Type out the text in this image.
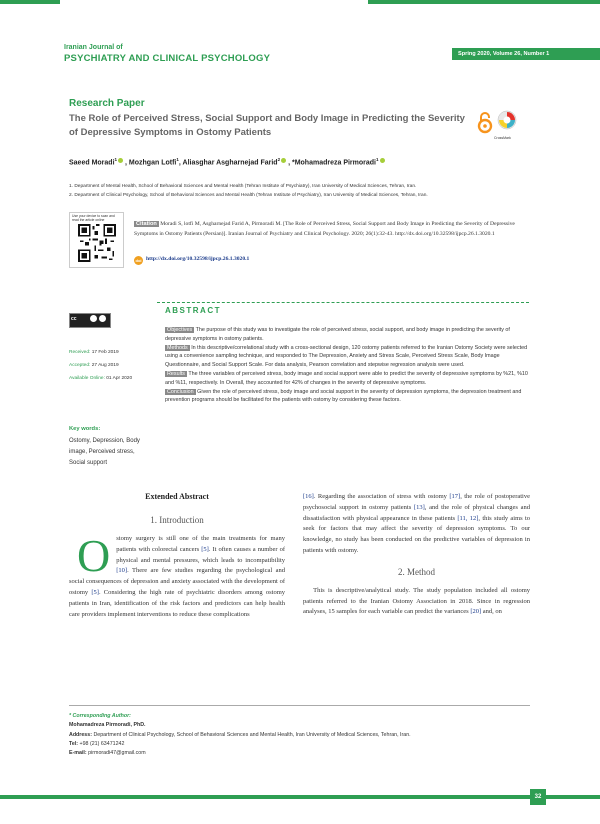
Iranian Journal of
PSYCHIATRY AND CLINICAL PSYCHOLOGY	Spring 2020, Volume 26, Number 1
Research Paper
The Role of Perceived Stress, Social Support and Body Image in Predicting the Severity of Depressive Symptoms in Ostomy Patients	CrossMark
Saeed Moradi$^1$ , Mozhgan Lotfi$^1$, Aliasghar Asgharnejad Farid$^2$ , *Mohamadreza Pirmoradi$^1$
1. Department of Mental Health, School of Behavioral Sciences and Mental Health (Tehran Institute of Psychiatry), Iran University of Medical Sciences, Tehran, Iran.
2. Department of Clinical Psychology, School of Behavioral Sciences and Mental Health (Tehran Institute of Psychiatry), Iran University of Medical Sciences, Tehran, Iran.
Use your device to scan and read the article online
Citation Moradi S, lotfi M, Asgharnejad Farid A, Pirmoradi M. [The Role of Perceived Stress, Social Support and Body Image in Predicting the Severity of Depressive Symptoms in Ostomy Patients (Persian)]. Iranian Journal of Psychiatry and Clinical Psychology. 2020; 26(1):32-43. http://dx.doi.org/10.32598/ijpcp.26.1.3020.1
doi http://dx.doi.org/10.32598/ijpcp.26.1.3020.1
cc
Received: 17 Feb 2019
Accepted: 27 Aug 2019
Available Online: 01 Apr 2020
Key words:
Ostomy, Depression, Body image, Perceived stress, Social support
ABSTRACT

Objectives The purpose of this study was to investigate the role of perceived stress, social support, and body image in predicting the severity of depressive symptoms in ostomy patients.

Methods In this descriptive/correlational study with a cross-sectional design, 120 ostomy patients referred to the Iranian Ostomy Society were selected using a convenience sampling technique, and responded to The Depression, Anxiety and Stress Scale, Perceived Stress Scale, Body Image Questionnaire, and Social Support Scale. For data analysis, Pearson correlation and stepwise regression analysis were used.

Results The three variables of perceived stress, body image and social support were able to predict the severity of depressive symptoms by %21, %10 and %11, respectively. In Overall, they accounted for 42% of changes in the severity of depressive symptoms.

Conclusion Given the role of perceived stress, body image and social support in the severity of depression symptoms, the depression treatment and prevention programs should be facilitated for the patients with ostomy by considering these factors.

Extended Abstract
1. Introduction
Ostomy surgery is still one of the main treatments for many patients with colorectal cancers [5]. It often causes a number of physical and mental pressures, which leads to incompatibility [10]. There are few studies regarding the psychological and social consequences of depression and anxiety associated with the development of ostomy [5]. Considering the high rate of psychiatric disorders among ostomy patients in Iran, identification of the risk factors and predictors can help health care providers implement interventions to reduce these complications
[16]. Regarding the association of stress with ostomy [17], the role of postoperative psychosocial support in ostomy patients [13], and the role of physical changes and dissatisfaction with physical appearance in these patients [11, 12], this study aims to seek for factors that may affect the severity of depression symptoms. To our knowledge, no study has been conducted on the predictive variables of depression in patients with ostomy.
2. Method
This is descriptive/analytical study. The study population included all ostomy patients referred to the Iranian Ostomy Association in 2018. Since in regression analyses, 15 samples for each variable can predict the variances [20] and, on
* Corresponding Author:
Mohamadreza Pirmoradi, PhD.
Address: Department of Clinical Psychology, School of Behavioral Sciences and Mental Health, Iran University of Medical Sciences, Tehran, Iran.
Tel: +98 (21) 63471242
E-mail: pirmoradi47@gmail.com
32
